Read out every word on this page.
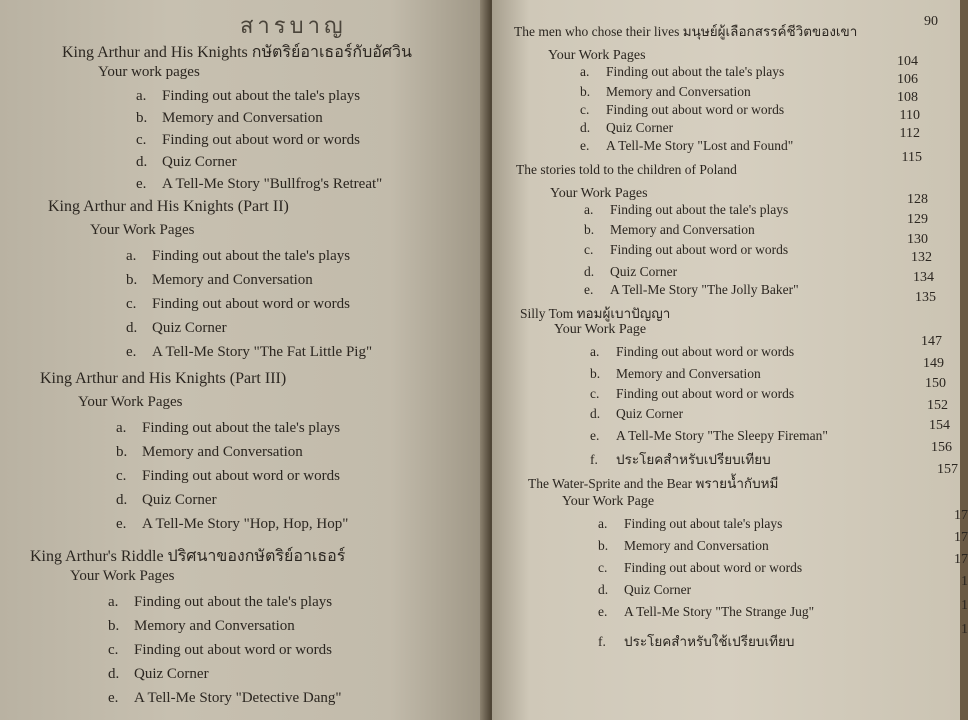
สารบาญ
King Arthur and His Knights กษัตริย์อาเธอร์กับอัศวิน
Your work pages
a. Finding out about the tale's plays
b. Memory and Conversation
c. Finding out about word or words
d. Quiz Corner
e. A Tell-Me Story "Bullfrog's Retreat"
King Arthur and His Knights (Part II)
Your Work Pages
a. Finding out about the tale's plays
b. Memory and Conversation
c. Finding out about word or words
d. Quiz Corner
e. A Tell-Me Story "The Fat Little Pig"
King Arthur and His Knights (Part III)
Your Work Pages
a. Finding out about the tale's plays
b. Memory and Conversation
c. Finding out about word or words
d. Quiz Corner
e. A Tell-Me Story "Hop, Hop, Hop"
King Arthur's Riddle ปริศนาของกษัตริย์อาเธอร์
Your Work Pages
a. Finding out about the tale's plays
b. Memory and Conversation
c. Finding out about word or words
d. Quiz Corner
e. A Tell-Me Story "Detective Dang"
The men who chose their lives มนุษย์ผู้เลือกสรรค์ชีวิตของเขา
90
Your Work Pages
a. Finding out about the tale's plays
104
b. Memory and Conversation
106
c. Finding out about word or words
108
d. Quiz Corner
110
e. A Tell-Me Story "Lost and Found"
112
The stories told to the children of Poland
115
Your Work Pages
a. Finding out about the tale's plays
128
b. Memory and Conversation
129
c. Finding out about word or words
130
d. Quiz Corner
132
e. A Tell-Me Story "The Jolly Baker"
134
Silly Tom ทอมผู้เบาปัญญา
135
Your Work Page
a. Finding out about word or words
147
b. Memory and Conversation
149
c. Finding out about word or words
150
d. Quiz Corner
152
e. A Tell-Me Story "The Sleepy Fireman"
154
f. ประโยคสำหรับเปรียบเทียบ
156
The Water-Sprite and the Bear พรายน้ำกับหมี
157
Your Work Page
a. Finding out about tale's plays
17
b. Memory and Conversation
17
c. Finding out about word or words
17
d. Quiz Corner
1
e. A Tell-Me Story "The Strange Jug"	1
f. ประโยคสำหรับใช้เปรียบเทียบ
1
